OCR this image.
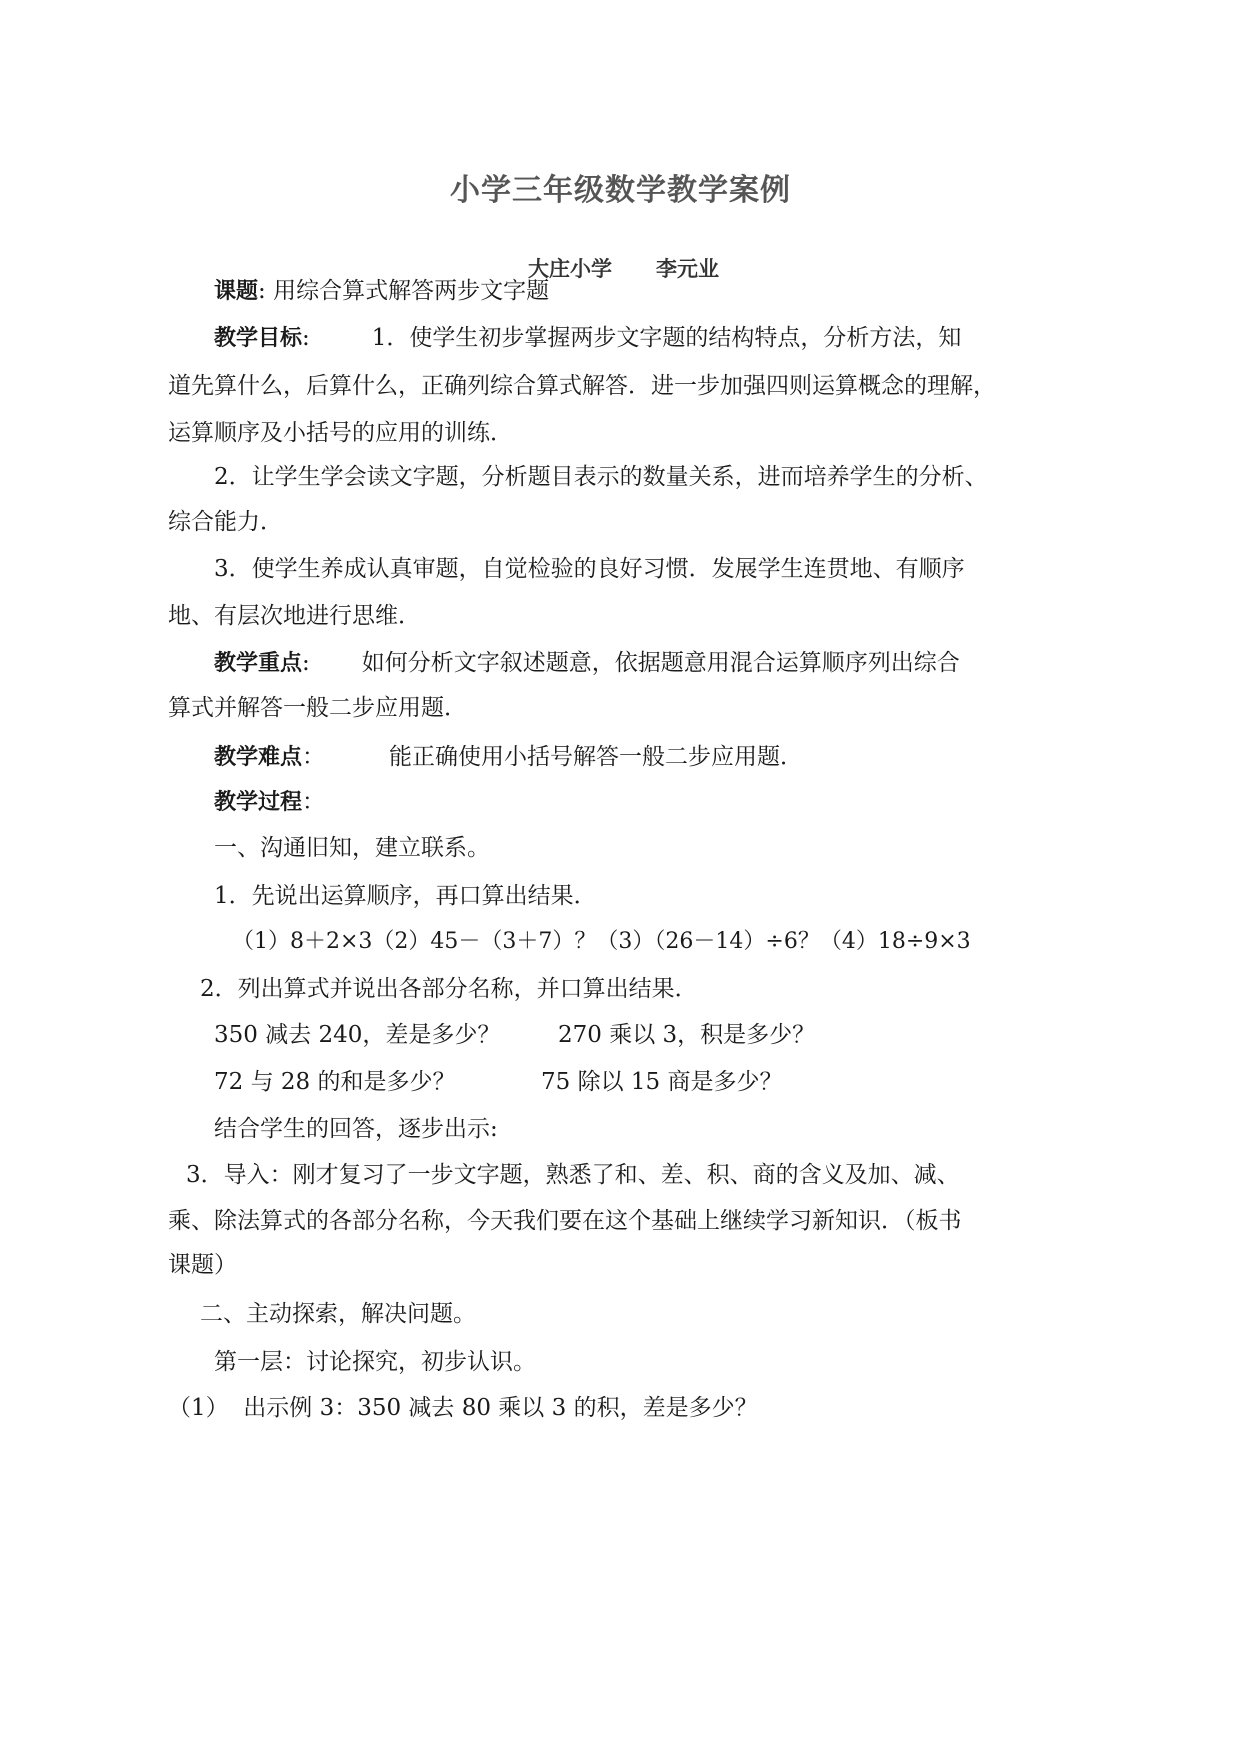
小学三年级数学教学案例
大庄小学 李元业
课题: 用综合算式解答两步文字题
教学目标:	1．使学生初步掌握两步文字题的结构特点，分析方法，知
道先算什么，后算什么，正确列综合算式解答．进一步加强四则运算概念的理解，
运算顺序及小括号的应用的训练．
2．让学生学会读文字题，分析题目表示的数量关系，进而培养学生的分析、
综合能力．
3．使学生养成认真审题，自觉检验的良好习惯．发展学生连贯地、有顺序
地、有层次地进行思维．
教学重点: 如何分析文字叙述题意，依据题意用混合运算顺序列出综合
算式并解答一般二步应用题．
教学难点：	能正确使用小括号解答一般二步应用题．
教学过程：
一、沟通旧知，建立联系。
1．先说出运算顺序，再口算出结果．
（1）8＋2×3（2）45－（3＋7）？（3）（26－14）÷6？（4）18÷9×3
2．列出算式并说出各部分名称，并口算出结果．
350 减去 240，差是多少？	270 乘以 3，积是多少？
72 与 28 的和是多少？	75 除以 15 商是多少？
结合学生的回答，逐步出示:
3．导入：刚才复习了一步文字题，熟悉了和、差、积、商的含义及加、减、
乘、除法算式的各部分名称，今天我们要在这个基础上继续学习新知识．（板书
课题）
二、主动探索，解决问题。
第一层：讨论探究，初步认识。
（1） 出示例 3：350 减去 80 乘以 3 的积，差是多少？
